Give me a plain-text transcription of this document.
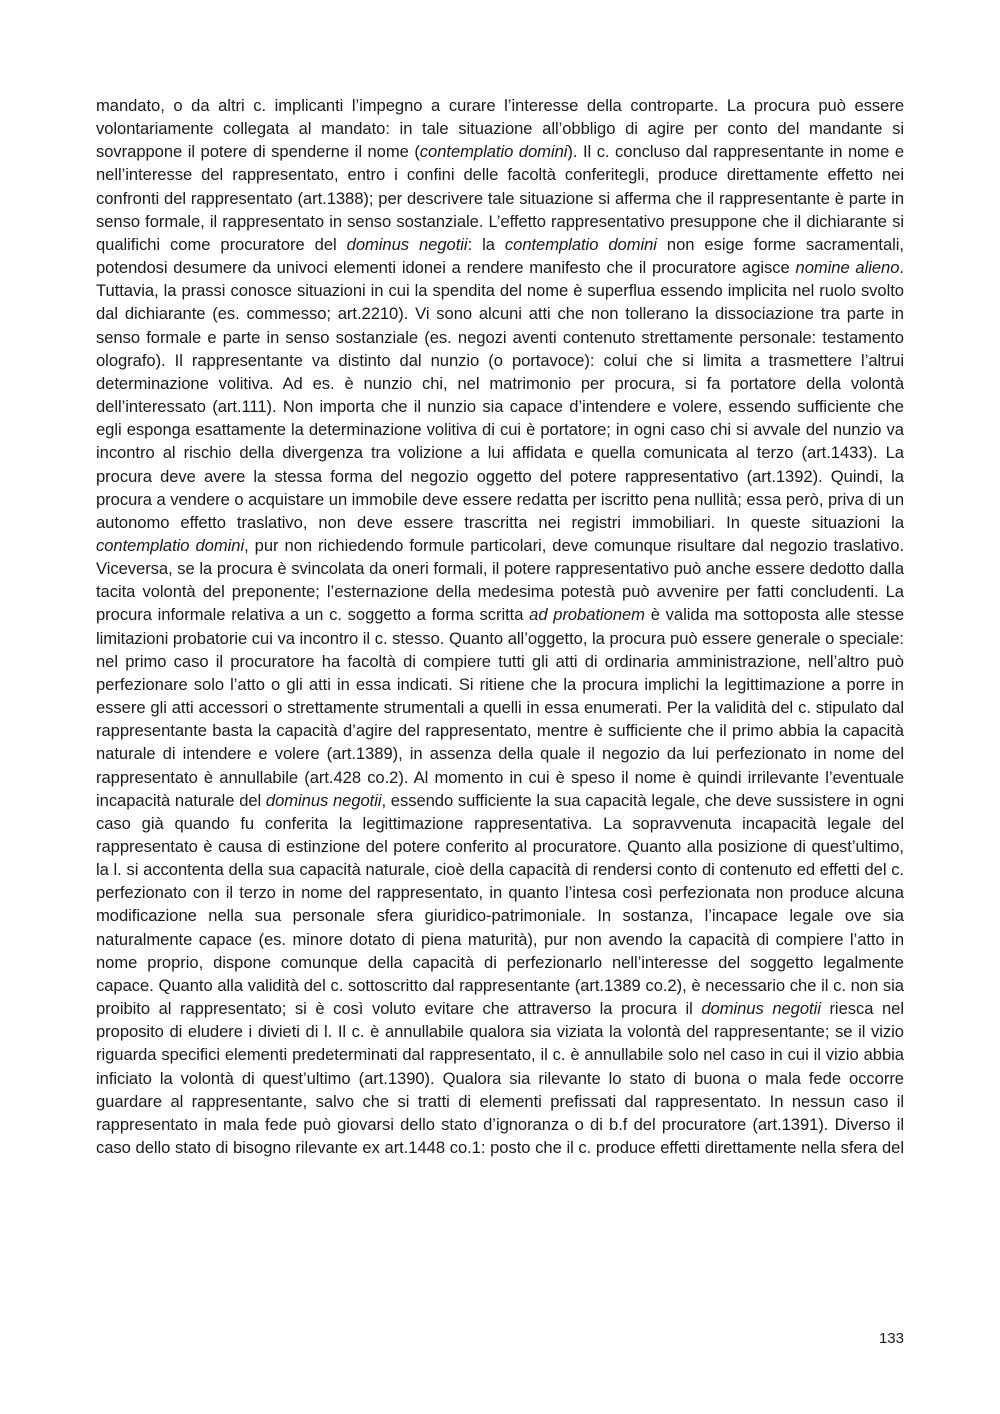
mandato, o da altri c. implicanti l’impegno a curare l’interesse della controparte. La procura può essere volontariamente collegata al mandato: in tale situazione all’obbligo di agire per conto del mandante si sovrappone il potere di spenderne il nome (contemplatio domini). Il c. concluso dal rappresentante in nome e nell’interesse del rappresentato, entro i confini delle facoltà conferitegli, produce direttamente effetto nei confronti del rappresentato (art.1388); per descrivere tale situazione si afferma che il rappresentante è parte in senso formale, il rappresentato in senso sostanziale. L’effetto rappresentativo presuppone che il dichiarante si qualifichi come procuratore del dominus negotii: la contemplatio domini non esige forme sacramentali, potendosi desumere da univoci elementi idonei a rendere manifesto che il procuratore agisce nomine alieno. Tuttavia, la prassi conosce situazioni in cui la spendita del nome è superflua essendo implicita nel ruolo svolto dal dichiarante (es. commesso; art.2210). Vi sono alcuni atti che non tollerano la dissociazione tra parte in senso formale e parte in senso sostanziale (es. negozi aventi contenuto strettamente personale: testamento olografo). Il rappresentante va distinto dal nunzio (o portavoce): colui che si limita a trasmettere l’altrui determinazione volitiva. Ad es. è nunzio chi, nel matrimonio per procura, si fa portatore della volontà dell’interessato (art.111). Non importa che il nunzio sia capace d’intendere e volere, essendo sufficiente che egli esponga esattamente la determinazione volitiva di cui è portatore; in ogni caso chi si avvale del nunzio va incontro al rischio della divergenza tra volizione a lui affidata e quella comunicata al terzo (art.1433). La procura deve avere la stessa forma del negozio oggetto del potere rappresentativo (art.1392). Quindi, la procura a vendere o acquistare un immobile deve essere redatta per iscritto pena nullità; essa però, priva di un autonomo effetto traslativo, non deve essere trascritta nei registri immobiliari. In queste situazioni la contemplatio domini, pur non richiedendo formule particolari, deve comunque risultare dal negozio traslativo. Viceversa, se la procura è svincolata da oneri formali, il potere rappresentativo può anche essere dedotto dalla tacita volontà del preponente; l’esternazione della medesima potestà può avvenire per fatti concludenti. La procura informale relativa a un c. soggetto a forma scritta ad probationem è valida ma sottoposta alle stesse limitazioni probatorie cui va incontro il c. stesso. Quanto all’oggetto, la procura può essere generale o speciale: nel primo caso il procuratore ha facoltà di compiere tutti gli atti di ordinaria amministrazione, nell’altro può perfezionare solo l’atto o gli atti in essa indicati. Si ritiene che la procura implichi la legittimazione a porre in essere gli atti accessori o strettamente strumentali a quelli in essa enumerati. Per la validità del c. stipulato dal rappresentante basta la capacità d’agire del rappresentato, mentre è sufficiente che il primo abbia la capacità naturale di intendere e volere (art.1389), in assenza della quale il negozio da lui perfezionato in nome del rappresentato è annullabile (art.428 co.2). Al momento in cui è speso il nome è quindi irrilevante l’eventuale incapacità naturale del dominus negotii, essendo sufficiente la sua capacità legale, che deve sussistere in ogni caso già quando fu conferita la legittimazione rappresentativa. La sopravvenuta incapacità legale del rappresentato è causa di estinzione del potere conferito al procuratore. Quanto alla posizione di quest’ultimo, la l. si accontenta della sua capacità naturale, cioè della capacità di rendersi conto di contenuto ed effetti del c. perfezionato con il terzo in nome del rappresentato, in quanto l’intesa così perfezionata non produce alcuna modificazione nella sua personale sfera giuridico-patrimoniale. In sostanza, l’incapace legale ove sia naturalmente capace (es. minore dotato di piena maturità), pur non avendo la capacità di compiere l’atto in nome proprio, dispone comunque della capacità di perfezionarlo nell’interesse del soggetto legalmente capace. Quanto alla validità del c. sottoscritto dal rappresentante (art.1389 co.2), è necessario che il c. non sia proibito al rappresentato; si è così voluto evitare che attraverso la procura il dominus negotii riesca nel proposito di eludere i divieti di l. Il c. è annullabile qualora sia viziata la volontà del rappresentante; se il vizio riguarda specifici elementi predeterminati dal rappresentato, il c. è annullabile solo nel caso in cui il vizio abbia inficiato la volontà di quest’ultimo (art.1390). Qualora sia rilevante lo stato di buona o mala fede occorre guardare al rappresentante, salvo che si tratti di elementi prefissati dal rappresentato. In nessun caso il rappresentato in mala fede può giovarsi dello stato d’ignoranza o di b.f del procuratore (art.1391). Diverso il caso dello stato di bisogno rilevante ex art.1448 co.1: posto che il c. produce effetti direttamente nella sfera del

133
